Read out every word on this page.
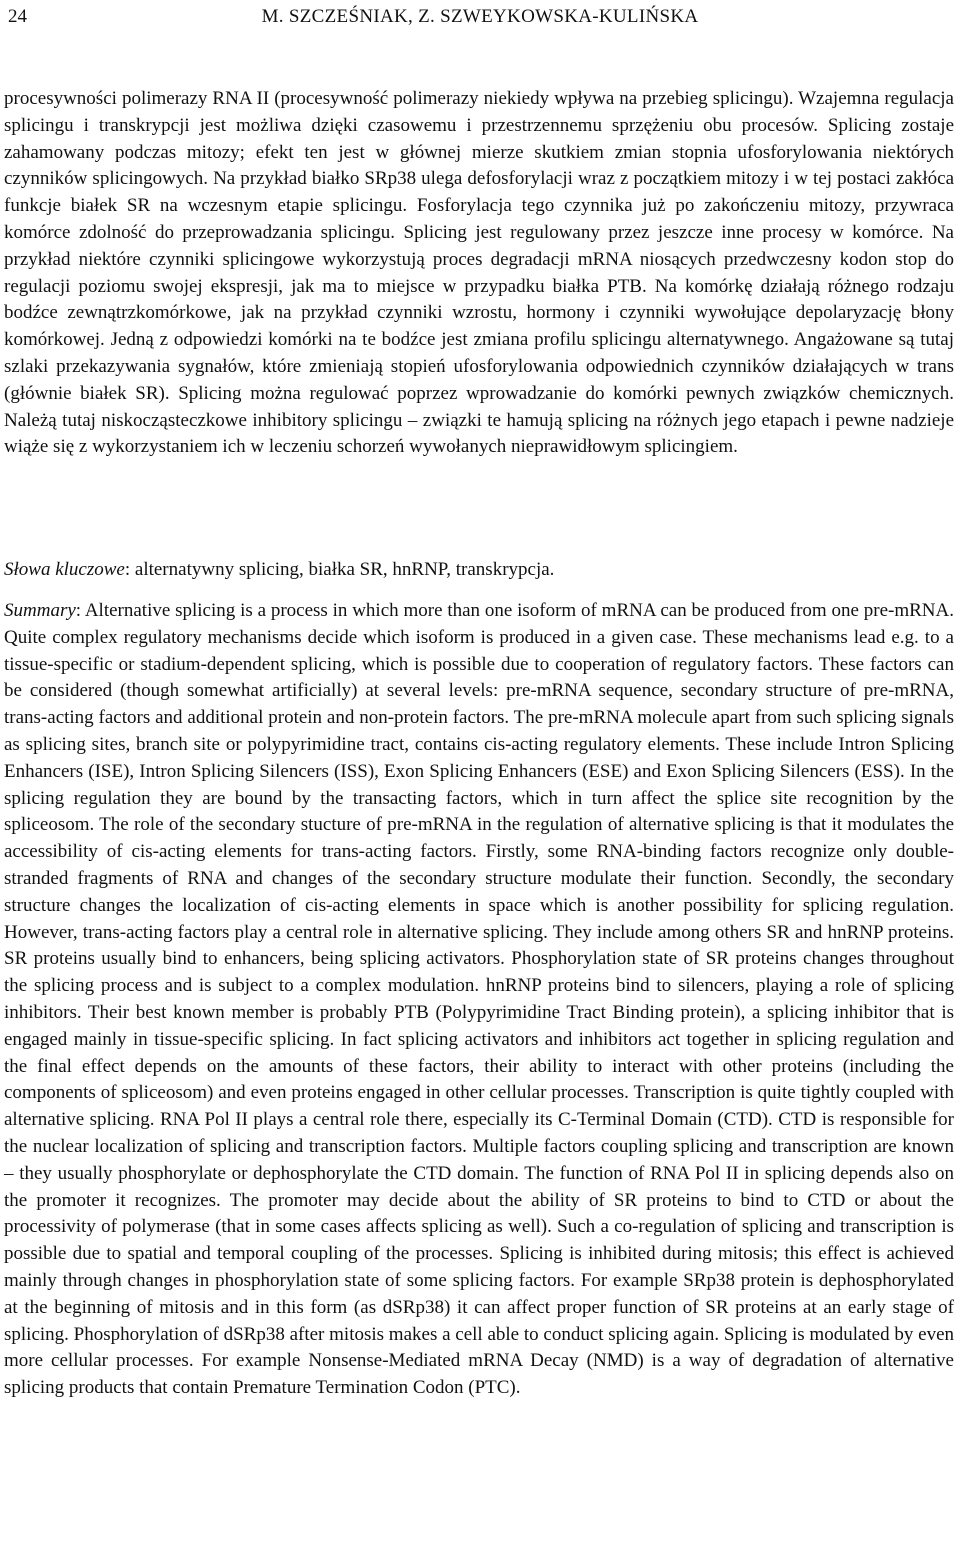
24	M. SZCZEŚNIAK, Z. SZWEYKOWSKA-KULIŃSKA

procesywności polimerazy RNA II (procesywność polimerazy niekiedy wpływa na przebieg splicingu). Wzajemna regulacja splicingu i transkrypcji jest możliwa dzięki czasowemu i przestrzennemu sprzężeniu obu procesów. Splicing zostaje zahamowany podczas mitozy; efekt ten jest w głównej mierze skutkiem zmian stopnia ufosforylowania niektórych czynników splicingowych. Na przykład białko SRp38 ulega defosforylacji wraz z początkiem mitozy i w tej postaci zakłóca funkcje białek SR na wczesnym etapie splicingu. Fosforylacja tego czynnika już po zakończeniu mitozy, przywraca komórce zdolność do przeprowadzania splicingu. Splicing jest regulowany przez jeszcze inne procesy w komórce. Na przykład niektóre czynniki splicingowe wykorzystują proces degradacji mRNA niosących przedwczesny kodon stop do regulacji poziomu swojej ekspresji, jak ma to miejsce w przypadku białka PTB. Na komórkę działają różnego rodzaju bodźce zewnątrzkomórkowe, jak na przykład czynniki wzrostu, hormony i czynniki wywołujące depolaryzację błony komórkowej. Jedną z odpowiedzi komórki na te bodźce jest zmiana profilu splicingu alternatywnego. Angażowane są tutaj szlaki przekazywania sygnałów, które zmieniają stopień ufosforylowania odpowiednich czynników działających w trans (głównie białek SR). Splicing można regulować poprzez wprowadzanie do komórki pewnych związków chemicznych. Należą tutaj niskocząsteczkowe inhibitory splicingu – związki te hamują splicing na różnych jego etapach i pewne nadzieje wiąże się z wykorzystaniem ich w leczeniu schorzeń wywołanych nieprawidłowym splicingiem.

Słowa kluczowe: alternatywny splicing, białka SR, hnRNP, transkrypcja.

Summary: Alternative splicing is a process in which more than one isoform of mRNA can be produced from one pre-mRNA. Quite complex regulatory mechanisms decide which isoform is produced in a given case. These mechanisms lead e.g. to a tissue-specific or stadium-dependent splicing, which is possible due to cooperation of regulatory factors. These factors can be considered (though somewhat artificially) at several levels: pre-mRNA sequence, secondary structure of pre-mRNA, trans-acting factors and additional protein and non-protein factors. The pre-mRNA molecule apart from such splicing signals as splicing sites, branch site or polypyrimidine tract, contains cis-acting regulatory elements. These include Intron Splicing Enhancers (ISE), Intron Splicing Silencers (ISS), Exon Splicing Enhancers (ESE) and Exon Splicing Silencers (ESS). In the splicing regulation they are bound by the transacting factors, which in turn affect the splice site recognition by the spliceosom. The role of the secondary stucture of pre-mRNA in the regulation of alternative splicing is that it modulates the accessibility of cis-acting elements for trans-acting factors. Firstly, some RNA-binding factors recognize only double-stranded fragments of RNA and changes of the secondary structure modulate their function. Secondly, the secondary structure changes the localization of cis-acting elements in space which is another possibility for splicing regulation. However, trans-acting factors play a central role in alternative splicing. They include among others SR and hnRNP proteins. SR proteins usually bind to enhancers, being splicing activators. Phosphorylation state of SR proteins changes throughout the splicing process and is subject to a complex modulation. hnRNP proteins bind to silencers, playing a role of splicing inhibitors. Their best known member is probably PTB (Polypyrimidine Tract Binding protein), a splicing inhibitor that is engaged mainly in tissue-specific splicing. In fact splicing activators and inhibitors act together in splicing regulation and the final effect depends on the amounts of these factors, their ability to interact with other proteins (including the components of spliceosom) and even proteins engaged in other cellular processes. Transcription is quite tightly coupled with alternative splicing. RNA Pol II plays a central role there, especially its C-Terminal Domain (CTD). CTD is responsible for the nuclear localization of splicing and transcription factors. Multiple factors coupling splicing and transcription are known – they usually phosphorylate or dephosphorylate the CTD domain. The function of RNA Pol II in splicing depends also on the promoter it recognizes. The promoter may decide about the ability of SR proteins to bind to CTD or about the processivity of polymerase (that in some cases affects splicing as well). Such a co-regulation of splicing and transcription is possible due to spatial and temporal coupling of the processes. Splicing is inhibited during mitosis; this effect is achieved mainly through changes in phosphorylation state of some splicing factors. For example SRp38 protein is dephosphorylated at the beginning of mitosis and in this form (as dSRp38) it can affect proper function of SR proteins at an early stage of splicing. Phosphorylation of dSRp38 after mitosis makes a cell able to conduct splicing again. Splicing is modulated by even more cellular processes. For example Nonsense-Mediated mRNA Decay (NMD) is a way of degradation of alternative splicing products that contain Premature Termination Codon (PTC).
